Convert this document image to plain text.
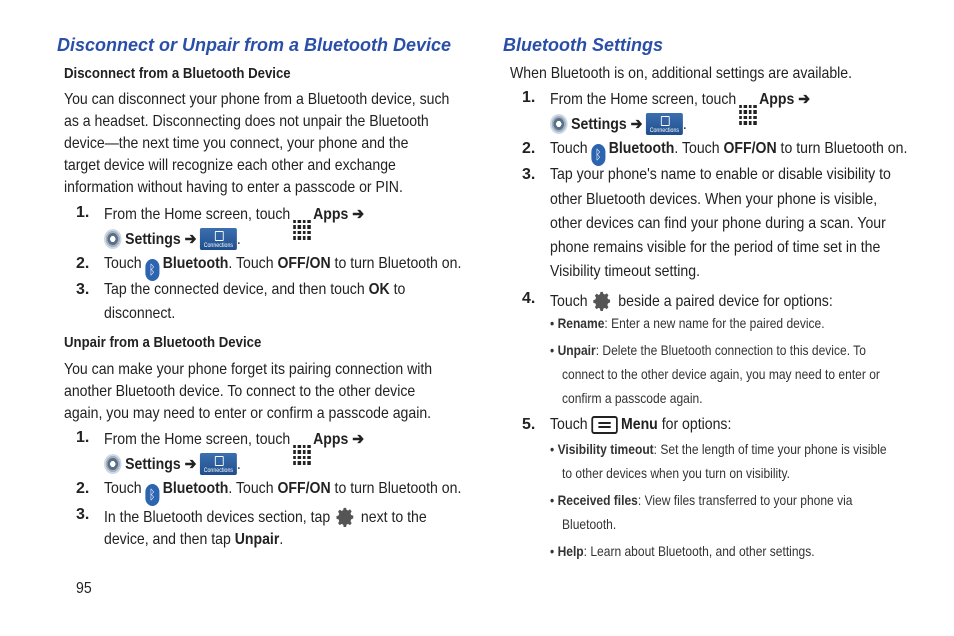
Disconnect or Unpair from a Bluetooth Device
Disconnect from a Bluetooth Device
You can disconnect your phone from a Bluetooth device, such
as a headset. Disconnecting does not unpair the Bluetooth
device—the next time you connect, your phone and the
target device will recognize each other and exchange
information without having to enter a passcode or PIN.
1. From the Home screen, touch Apps ➔
Settings ➔	Connections .
2. Touch ᛒ Bluetooth. Touch OFF/ON to turn Bluetooth on.
3. Tap the connected device, and then touch OK to
disconnect.
Unpair from a Bluetooth Device
You can make your phone forget its pairing connection with
another Bluetooth device. To connect to the other device
again, you may need to enter or confirm a passcode again.
1. From the Home screen, touch Apps ➔
Settings ➔	Connections .
2. Touch ᛒ Bluetooth. Touch OFF/ON to turn Bluetooth on.
3. In the Bluetooth devices section, tap next to the
device, and then tap Unpair.
95
Bluetooth Settings
When Bluetooth is on, additional settings are available.
1. From the Home screen, touch Apps ➔
Settings ➔	Connections .
2. Touch ᛒ Bluetooth. Touch OFF/ON to turn Bluetooth on.
3. Tap your phone's name to enable or disable visibility to
other Bluetooth devices. When your phone is visible,
other devices can find your phone during a scan. Your
phone remains visible for the period of time set in the
Visibility timeout setting.
4. Touch beside a paired device for options:
• Rename: Enter a new name for the paired device.
• Unpair: Delete the Bluetooth connection to this device. To
connect to the other device again, you may need to enter or
confirm a passcode again.
5. Touch Menu for options:
• Visibility timeout: Set the length of time your phone is visible
to other devices when you turn on visibility.
• Received files: View files transferred to your phone via
Bluetooth.
• Help: Learn about Bluetooth, and other settings.
